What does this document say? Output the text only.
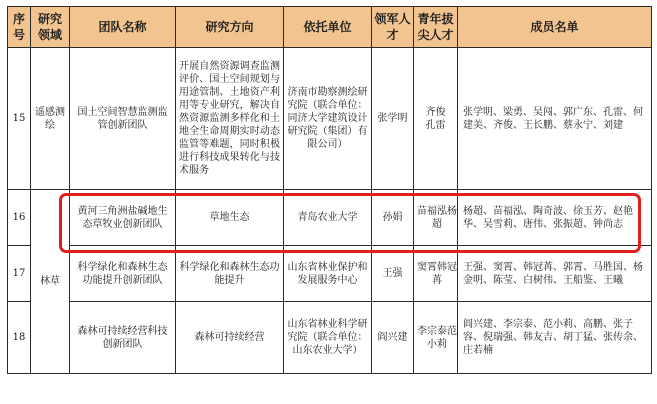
序号	研究领域	团队名称	研究方向	依托单位	领军人才	青年拔尖人才	成员名单
15	遥感测绘	国土空间智慧监测监管创新团队	开展自然资源调查监测评价、国土空间规划与用途管制、土地资产利用等专业研究，解决自然资源监测多样化和土地全生命周期实时动态监管等难题，同时积极进行科技成果转化与技术服务	济南市勘察测绘研究院（联合单位：同济大学建筑设计研究院（集团）有限公司）	张学明	齐俊孔雷	张学明、梁勇、吴闯、郭广东、孔雷、何建美、齐俊、王长鹏、蔡永宁、刘建
16	林草	黄河三角洲盐碱地生态草牧业创新团队	草地生态	青岛农业大学	孙娟	苗福泓杨超	杨超、苗福泓、陶奇波、徐玉芳、赵艳华、吴雪莉、唐伟、张振超、钟尚志
17		科学绿化和森林生态功能提升创新团队	科学绿化和森林生态功能提升	山东省林业保护和发展服务中心	王强	窦霄韩冠苒	王强、窦霄、韩冠苒、郭霄、马胜国、杨金明、陈莹、白树伟、王船鉴、王曦
18		森林可持续经营科技创新团队	森林可持续经营	山东省林业科学研究院（联合单位：山东农业大学）	阎兴建	李宗泰范小莉	阎兴建、李宗泰、范小莉、高鹏、张子容、倪瑞强、韩友吉、胡丁猛、张传余、庄若楠
